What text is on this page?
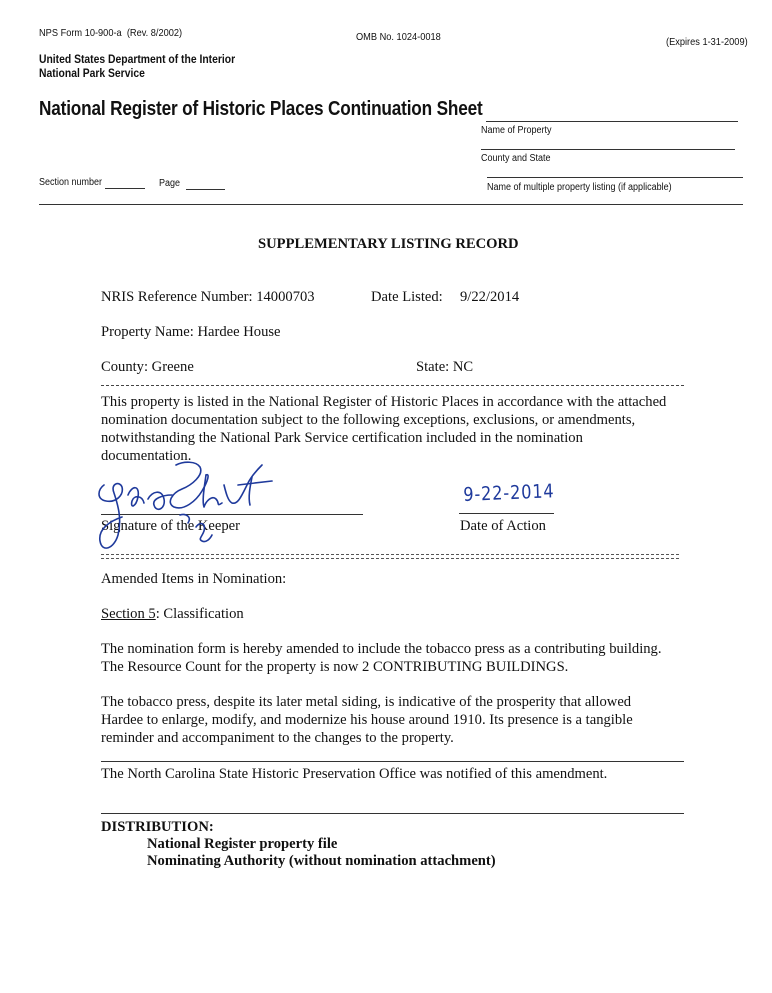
NPS Form 10-900-a (Rev. 8/2002)	OMB No. 1024-0018	(Expires 1-31-2009)
United States Department of the Interior
National Park Service
National Register of Historic Places Continuation Sheet
Name of Property
County and State
Name of multiple property listing (if applicable)
Section number	Page
SUPPLEMENTARY LISTING RECORD
NRIS Reference Number: 14000703	Date Listed: 9/22/2014
Property Name: Hardee House
County: Greene	State: NC
This property is listed in the National Register of Historic Places in accordance with the attached
nomination documentation subject to the following exceptions, exclusions, or amendments,
notwithstanding the National Park Service certification included in the nomination
documentation.
Signature of the Keeper
9-22-2014
Date of Action
Amended Items in Nomination:
Section 5: Classification
The nomination form is hereby amended to include the tobacco press as a contributing building.
The Resource Count for the property is now 2 CONTRIBUTING BUILDINGS.
The tobacco press, despite its later metal siding, is indicative of the prosperity that allowed
Hardee to enlarge, modify, and modernize his house around 1910. Its presence is a tangible
reminder and accompaniment to the changes to the property.
The North Carolina State Historic Preservation Office was notified of this amendment.
DISTRIBUTION:
National Register property file
Nominating Authority (without nomination attachment)
